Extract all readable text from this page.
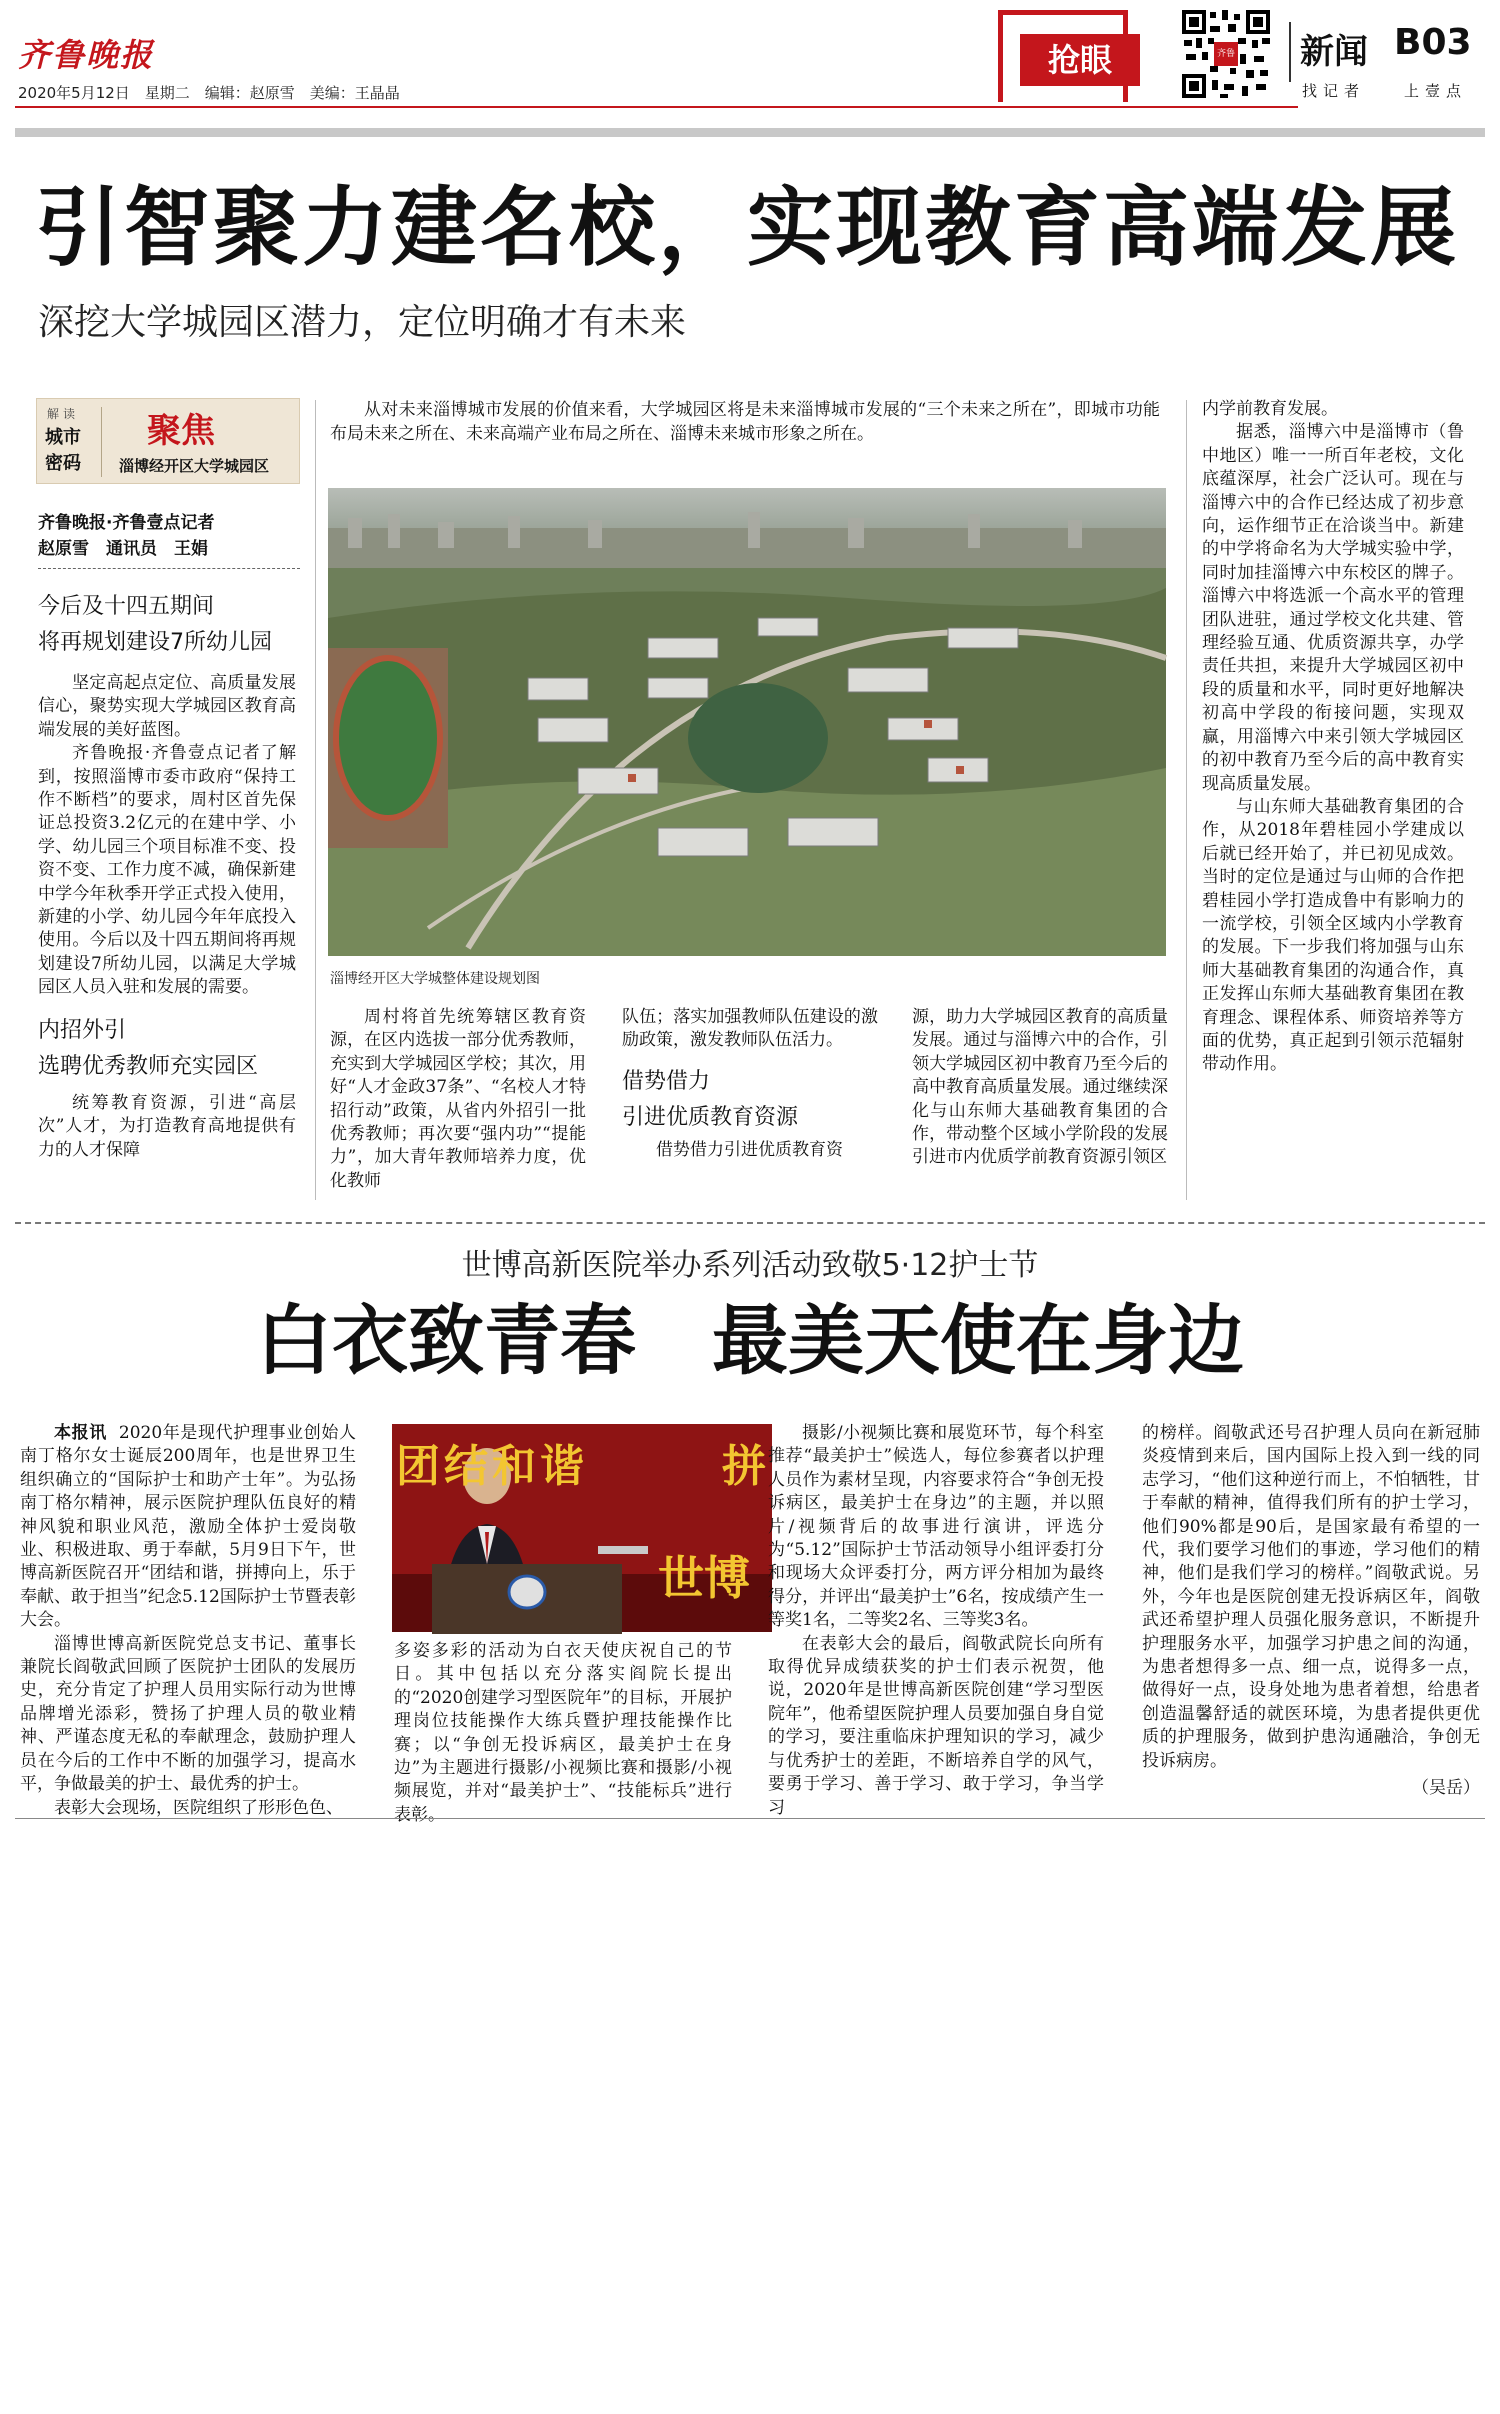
齐鲁晚报
2020年5月12日　星期二　编辑：赵原雪　美编：王晶晶
抢眼	齐鲁 新闻 B03
找记者	上壹点
引智聚力建名校，实现教育高端发展
深挖大学城园区潜力，定位明确才有未来
解读
城市
密码
聚焦
淄博经开区大学城园区
齐鲁晚报·齐鲁壹点记者
赵原雪　通讯员　王娟
今后及十四五期间
将再规划建设7所幼儿园

坚定高起点定位、高质量发展信心，聚势实现大学城园区教育高端发展的美好蓝图。

齐鲁晚报·齐鲁壹点记者了解到，按照淄博市委市政府“保持工作不断档”的要求，周村区首先保证总投资3.2亿元的在建中学、小学、幼儿园三个项目标准不变、投资不变、工作力度不减，确保新建中学今年秋季开学正式投入使用，新建的小学、幼儿园今年年底投入使用。今后以及十四五期间将再规划建设7所幼儿园，以满足大学城园区人员入驻和发展的需要。

内招外引
选聘优秀教师充实园区

统筹教育资源，引进“高层次”人才，为打造教育高地提供有力的人才保障

从对未来淄博城市发展的价值来看，大学城园区将是未来淄博城市发展的“三个未来之所在”，即城市功能布局未来之所在、未来高端产业布局之所在、淄博未来城市形象之所在。
淄博经开区大学城整体建设规划图

周村将首先统筹辖区教育资源，在区内选拔一部分优秀教师，充实到大学城园区学校；其次，用好“人才金政37条”、“名校人才特招行动”政策，从省内外招引一批优秀教师；再次要“强内功”“提能力”，加大青年教师培养力度，优化教师

队伍；落实加强教师队伍建设的激励政策，激发教师队伍活力。

借势借力
引进优质教育资源

借势借力引进优质教育资

源，助力大学城园区教育的高质量发展。通过与淄博六中的合作，引领大学城园区初中教育乃至今后的高中教育高质量发展。通过继续深化与山东师大基础教育集团的合作，带动整个区域小学阶段的发展引进市内优质学前教育资源引领区

内学前教育发展。

据悉，淄博六中是淄博市（鲁中地区）唯一一所百年老校，文化底蕴深厚，社会广泛认可。现在与淄博六中的合作已经达成了初步意向，运作细节正在洽谈当中。新建的中学将命名为大学城实验中学，同时加挂淄博六中东校区的牌子。淄博六中将选派一个高水平的管理团队进驻，通过学校文化共建、管理经验互通、优质资源共享，办学责任共担，来提升大学城园区初中段的质量和水平，同时更好地解决初高中学段的衔接问题，实现双赢，用淄博六中来引领大学城园区的初中教育乃至今后的高中教育实现高质量发展。

与山东师大基础教育集团的合作，从2018年碧桂园小学建成以后就已经开始了，并已初见成效。当时的定位是通过与山师的合作把碧桂园小学打造成鲁中有影响力的一流学校，引领全区域内小学教育的发展。下一步我们将加强与山东师大基础教育集团的沟通合作，真正发挥山东师大基础教育集团在教育理念、课程体系、师资培养等方面的优势，真正起到引领示范辐射带动作用。

世博高新医院举办系列活动致敬5·12护士节
白衣致青春　最美天使在身边

本报讯 2020年是现代护理事业创始人南丁格尔女士诞辰200周年，也是世界卫生组织确立的“国际护士和助产士年”。为弘扬南丁格尔精神，展示医院护理队伍良好的精神风貌和职业风范，激励全体护士爱岗敬业、积极进取、勇于奉献，5月9日下午，世博高新医院召开“团结和谐，拼搏向上，乐于奉献、敢于担当”纪念5.12国际护士节暨表彰大会。

淄博世博高新医院党总支书记、董事长兼院长阎敬武回顾了医院护士团队的发展历史，充分肯定了护理人员用实际行动为世博品牌增光添彩，赞扬了护理人员的敬业精神、严谨态度无私的奉献理念，鼓励护理人员在今后的工作中不断的加强学习，提高水平，争做最美的护士、最优秀的护士。

表彰大会现场，医院组织了形形色色、

团结和谐	拼
世博

多姿多彩的活动为白衣天使庆祝自己的节日。其中包括以充分落实阎院长提出的“2020创建学习型医院年”的目标，开展护理岗位技能操作大练兵暨护理技能操作比赛；以“争创无投诉病区，最美护士在身边”为主题进行摄影/小视频比赛和摄影/小视频展览，并对“最美护士”、“技能标兵”进行表彰。

摄影/小视频比赛和展览环节，每个科室推荐“最美护士”候选人，每位参赛者以护理人员作为素材呈现，内容要求符合“争创无投诉病区，最美护士在身边”的主题，并以照片/视频背后的故事进行演讲，评选分为“5.12”国际护士节活动领导小组评委打分和现场大众评委打分，两方评分相加为最终得分，并评出“最美护士”6名，按成绩产生一等奖1名，二等奖2名、三等奖3名。

在表彰大会的最后，阎敬武院长向所有取得优异成绩获奖的护士们表示祝贺，他说，2020年是世博高新医院创建“学习型医院年”，他希望医院护理人员要加强自身自觉的学习，要注重临床护理知识的学习，减少与优秀护士的差距，不断培养自学的风气，要勇于学习、善于学习、敢于学习，争当学习

的榜样。阎敬武还号召护理人员向在新冠肺炎疫情到来后，国内国际上投入到一线的同志学习，“他们这种逆行而上，不怕牺牲，甘于奉献的精神，值得我们所有的护士学习，他们90%都是90后，是国家最有希望的一代，我们要学习他们的事迹，学习他们的精神，他们是我们学习的榜样。”阎敬武说。另外，今年也是医院创建无投诉病区年，阎敬武还希望护理人员强化服务意识，不断提升护理服务水平，加强学习护患之间的沟通，为患者想得多一点、细一点，说得多一点，做得好一点，设身处地为患者着想，给患者创造温馨舒适的就医环境，为患者提供更优质的护理服务，做到护患沟通融洽，争创无投诉病房。

（吴岳）
